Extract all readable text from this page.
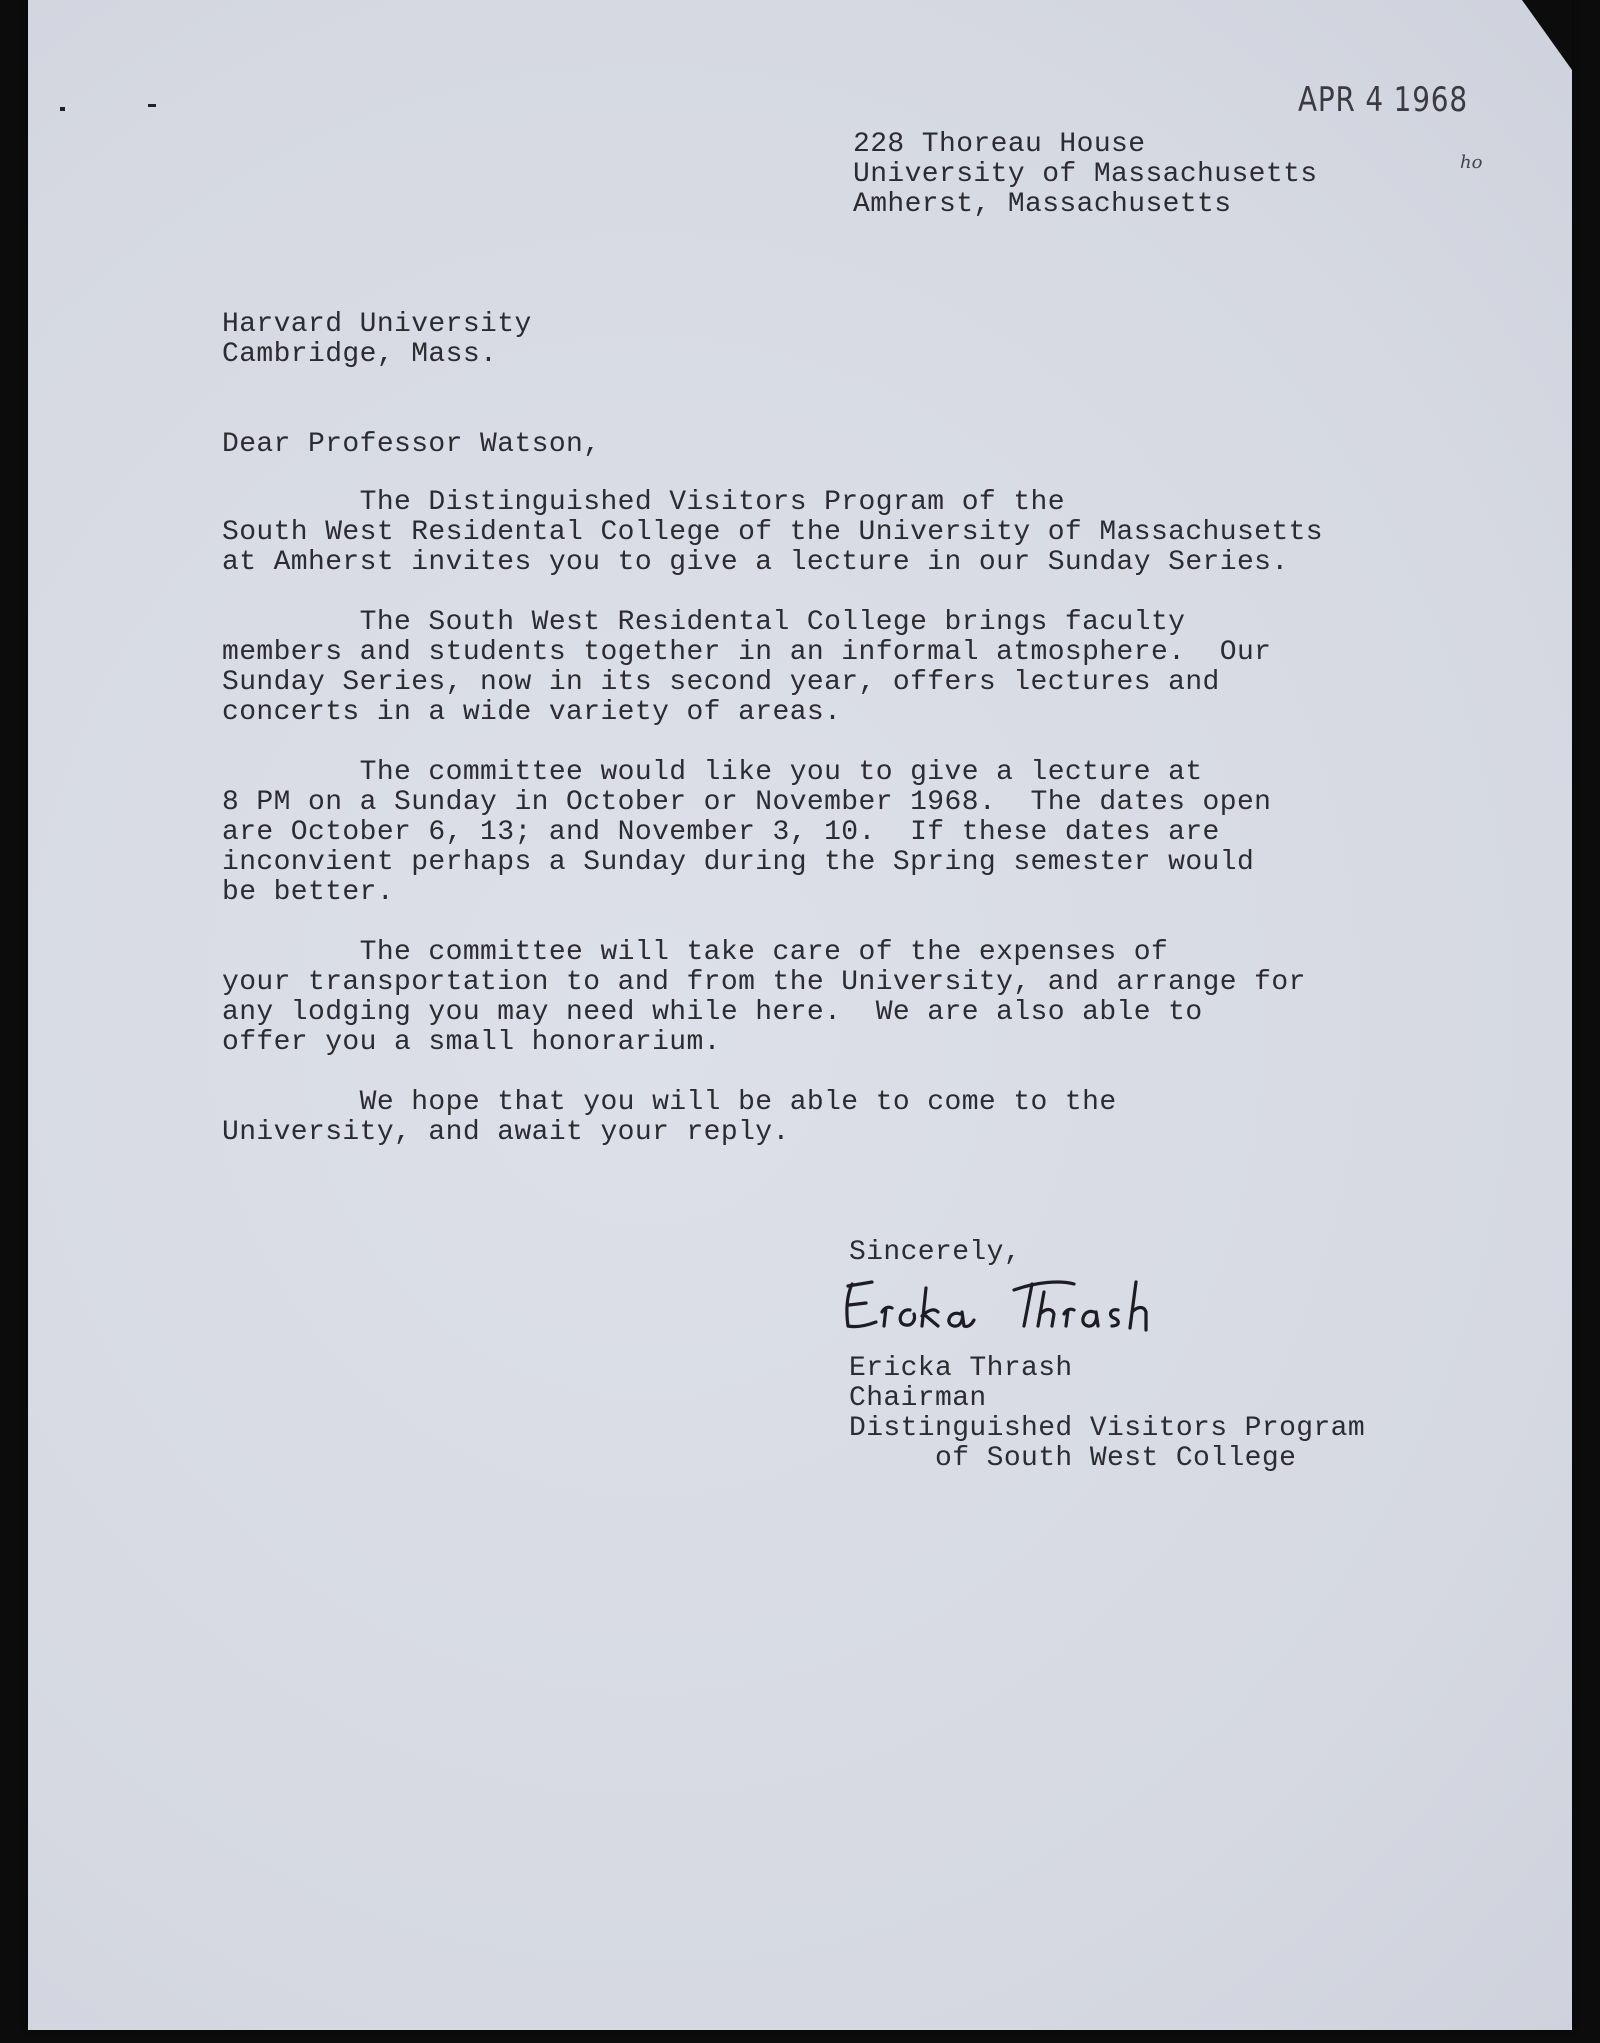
APR 4 1968
ho
228 Thoreau House
University of Massachusetts
Amherst, Massachusetts
Harvard University
Cambridge, Mass.
Dear Professor Watson,
The Distinguished Visitors Program of the
South West Residental College of the University of Massachusetts
at Amherst invites you to give a lecture in our Sunday Series.
The South West Residental College brings faculty
members and students together in an informal atmosphere.  Our
Sunday Series, now in its second year, offers lectures and
concerts in a wide variety of areas.
The committee would like you to give a lecture at
8 PM on a Sunday in October or November 1968.  The dates open
are October 6, 13; and November 3, 10.  If these dates are
inconvient perhaps a Sunday during the Spring semester would
be better.
The committee will take care of the expenses of
your transportation to and from the University, and arrange for
any lodging you may need while here.  We are also able to
offer you a small honorarium.
We hope that you will be able to come to the
University, and await your reply.
Sincerely,
Ericka Thrash
Chairman
Distinguished Visitors Program
of South West College
